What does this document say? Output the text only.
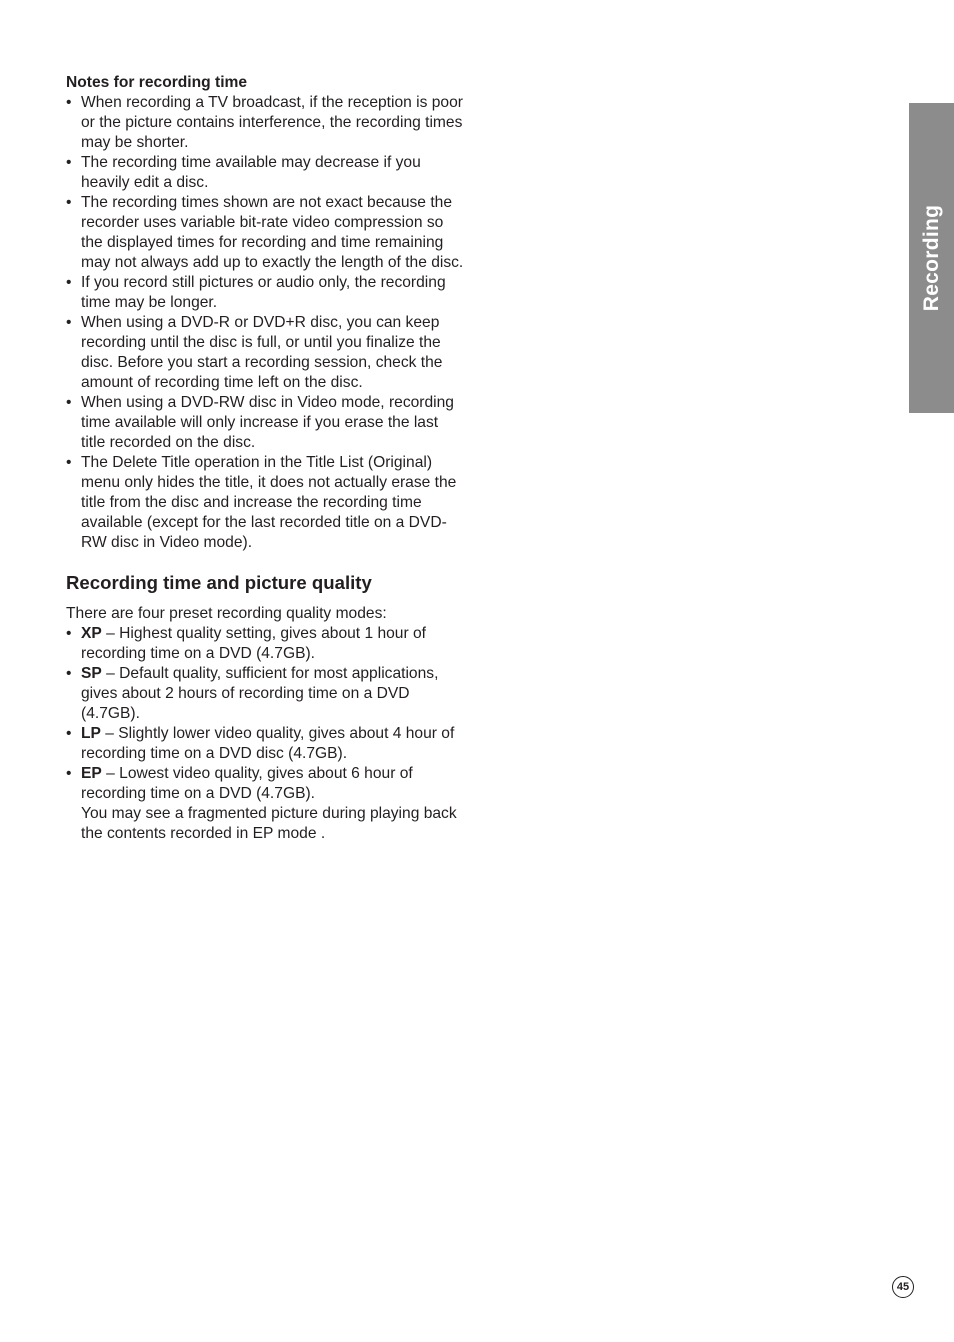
Recording

Notes for recording time

• When recording a TV broadcast, if the reception is poor or the picture contains interference, the recording times may be shorter.
• The recording time available may decrease if you heavily edit a disc.
• The recording times shown are not exact because the recorder uses variable bit-rate video compression so the displayed times for recording and time remaining may not always add up to exactly the length of the disc.
• If you record still pictures or audio only, the recording time may be longer.
• When using a DVD-R or DVD+R disc, you can keep recording until the disc is full, or until you finalize the disc. Before you start a recording session, check the amount of recording time left on the disc.
• When using a DVD-RW disc in Video mode, recording time available will only increase if you erase the last title recorded on the disc.
• The Delete Title operation in the Title List (Original) menu only hides the title, it does not actually erase the title from the disc and increase the recording time available (except for the last recorded title on a DVD-RW disc in Video mode).
Recording time and picture quality

There are four preset recording quality modes:

• XP – Highest quality setting, gives about 1 hour of recording time on a DVD (4.7GB).
• SP – Default quality, sufficient for most applications, gives about 2 hours of recording time on a DVD (4.7GB).
• LP – Slightly lower video quality, gives about 4 hour of recording time on a DVD disc (4.7GB).
• EP – Lowest video quality, gives about 6 hour of recording time on a DVD (4.7GB).
You may see a fragmented picture during playing back the contents recorded in EP mode .
45
